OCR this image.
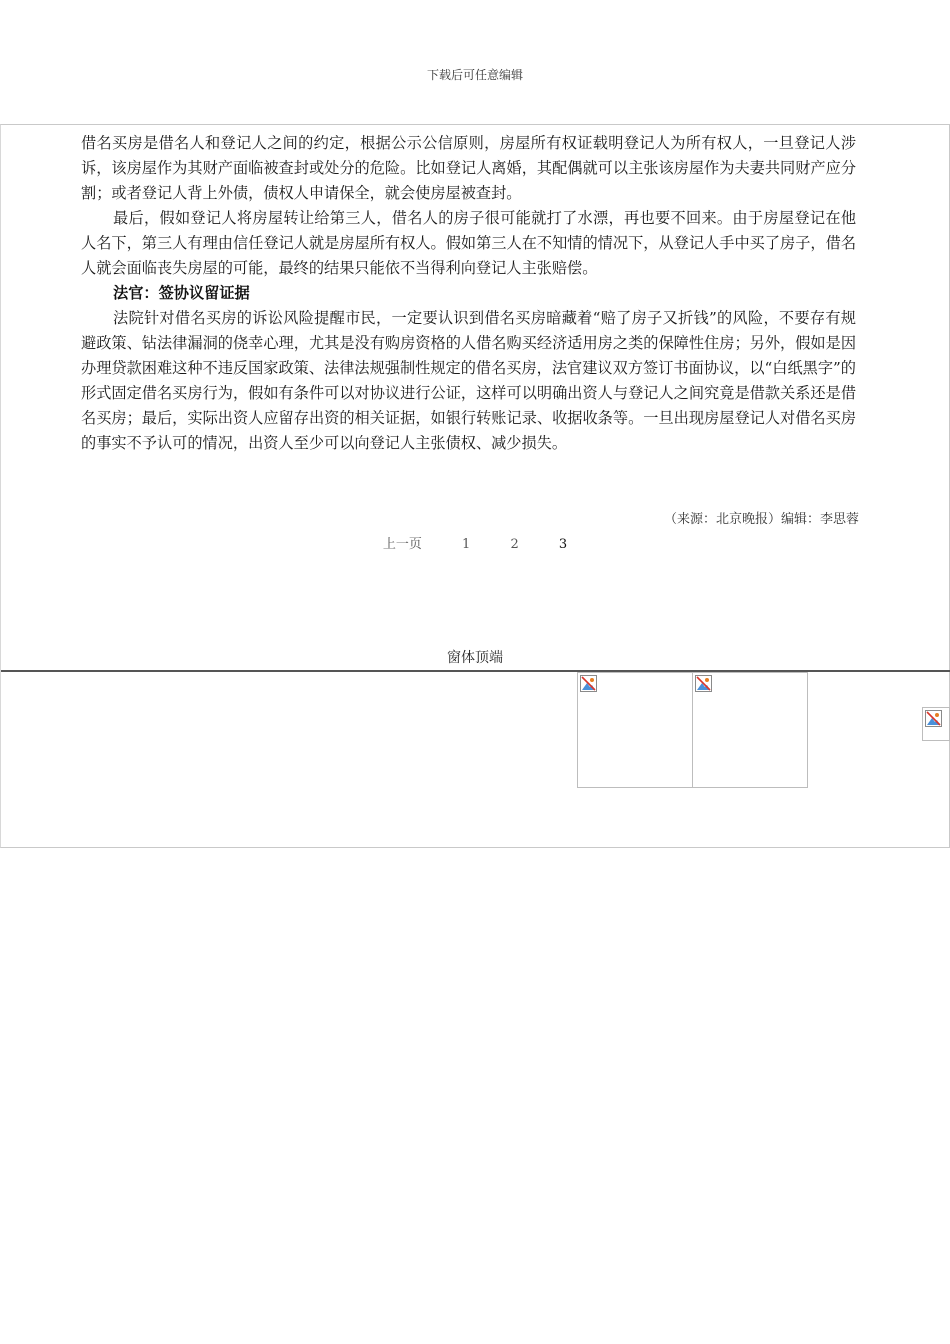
下载后可任意编辑

借名买房是借名人和登记人之间的约定，根据公示公信原则，房屋所有权证载明登记人为所有权人，一旦登记人涉诉，该房屋作为其财产面临被查封或处分的危险。比如登记人离婚，其配偶就可以主张该房屋作为夫妻共同财产应分割；或者登记人背上外债，债权人申请保全，就会使房屋被查封。

最后，假如登记人将房屋转让给第三人，借名人的房子很可能就打了水漂，再也要不回来。由于房屋登记在他人名下，第三人有理由信任登记人就是房屋所有权人。假如第三人在不知情的情况下，从登记人手中买了房子，借名人就会面临丧失房屋的可能，最终的结果只能依不当得利向登记人主张赔偿。

法官：签协议留证据

法院针对借名买房的诉讼风险提醒市民，一定要认识到借名买房暗藏着“赔了房子又折钱”的风险，不要存有规避政策、钻法律漏洞的侥幸心理，尤其是没有购房资格的人借名购买经济适用房之类的保障性住房；另外，假如是因办理贷款困难这种不违反国家政策、法律法规强制性规定的借名买房，法官建议双方签订书面协议，以“白纸黑字”的形式固定借名买房行为，假如有条件可以对协议进行公证，这样可以明确出资人与登记人之间究竟是借款关系还是借名买房；最后，实际出资人应留存出资的相关证据，如银行转账记录、收据收条等。一旦出现房屋登记人对借名买房的事实不予认可的情况，出资人至少可以向登记人主张债权、减少损失。

（来源：北京晚报）编辑：李思蓉
上一页	1	2	3
窗体顶端
